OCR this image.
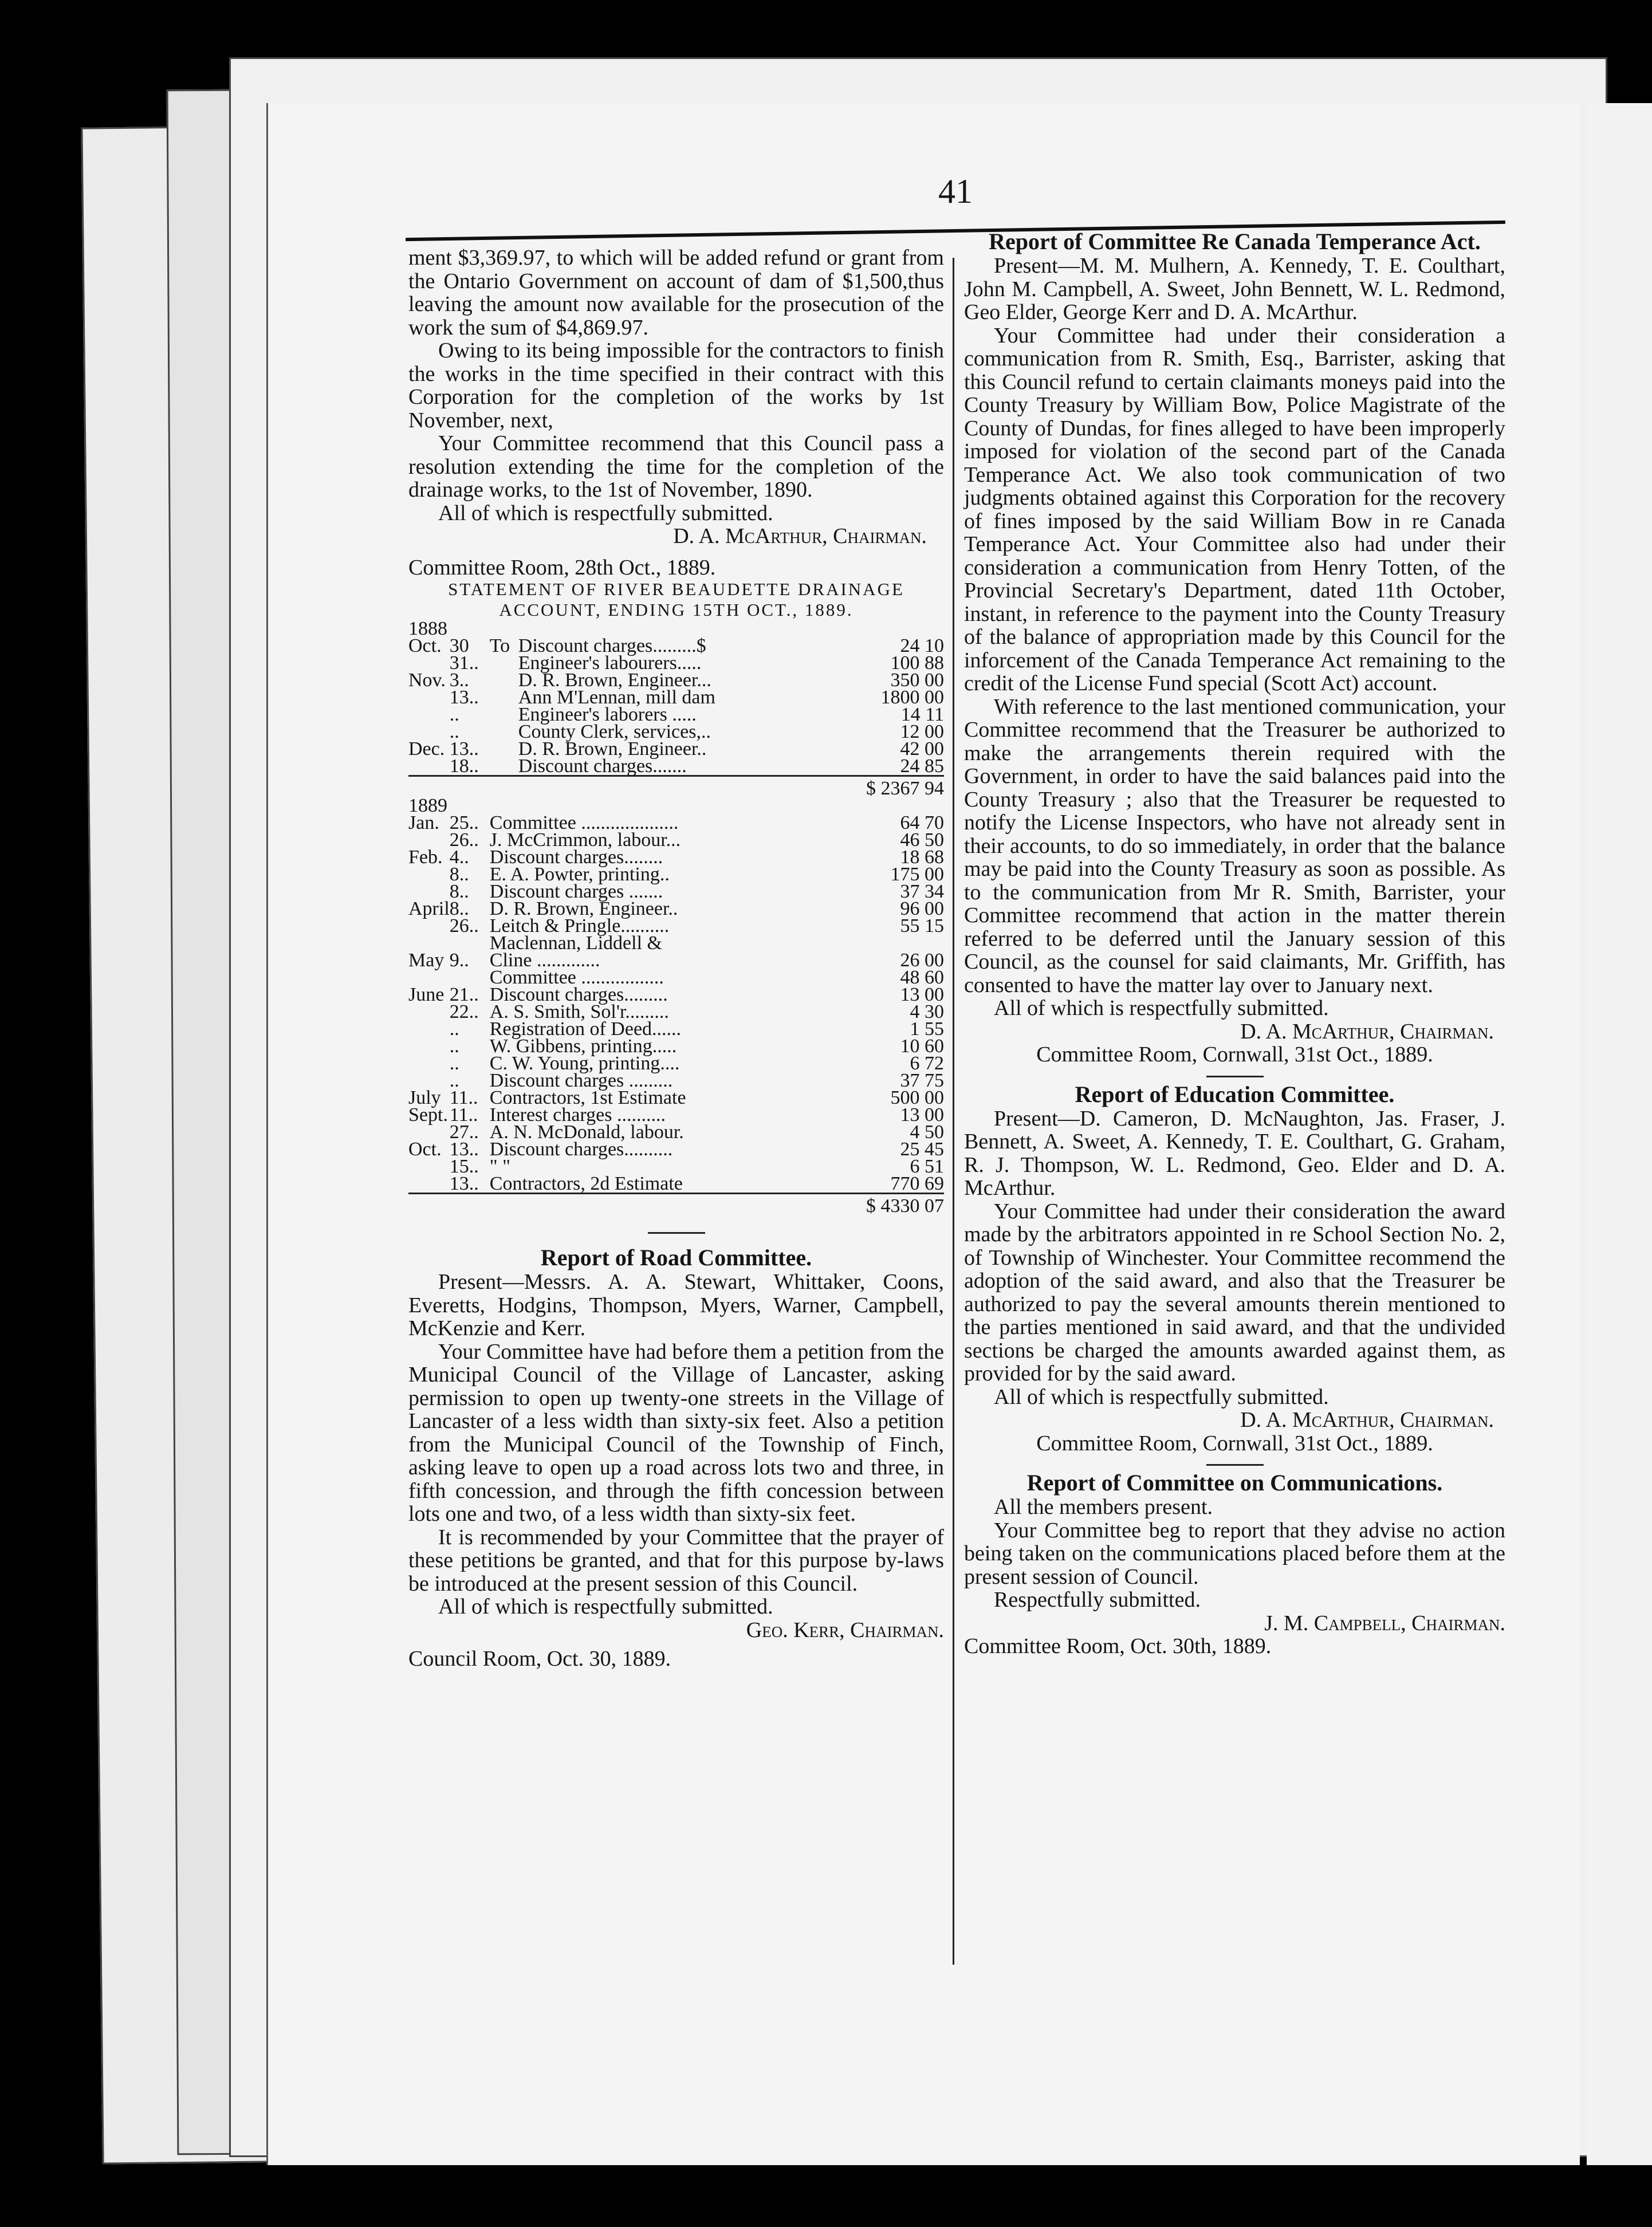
41

ment $3,369.97, to which will be added refund or grant from the Ontario Government on account of dam of $1,500,thus leaving the amount now available for the prosecution of the work the sum of $4,869.97.

Owing to its being impossible for the contractors to finish the works in the time specified in their contract with this Corporation for the completion of the works by 1st November, next,

Your Committee recommend that this Council pass a resolution extending the time for the completion of the drainage works, to the 1st of November, 1890.

All of which is respectfully submitted.

D. A. McArthur, Chairman.

Committee Room, 28th Oct., 1889.

STATEMENT OF RIVER BEAUDETTE DRAINAGE ACCOUNT, ENDING 15TH OCT., 1889.

1888				
Oct.	30	To	Discount charges.........$	24 10
	31..		Engineer's labourers.....	100 88
Nov.	3..		D. R. Brown, Engineer...	350 00
	13..		Ann M'Lennan, mill dam	1800 00
	..		Engineer's laborers .....	14 11
	..		County Clerk, services,..	12 00
Dec.	13..		D. R. Brown, Engineer..	42 00
	18..		Discount charges.......	24 85
$ 2367 94				
1889				
Jan.	25..	Committee ....................		64 70
	26..	J. McCrimmon, labour...		46 50
Feb.	4..	Discount charges........		18 68
	8..	E. A. Powter, printing..		175 00
	8..	Discount charges .......		37 34
April	8..	D. R. Brown, Engineer..		96 00
	26..	Leitch & Pringle..........		55 15
		Maclennan, Liddell &		
May	9..	Cline .............		26 00
		Committee .................		48 60
June	21..	Discount charges.........		13 00
	22..	A. S. Smith, Sol'r.........		4 30
	..	Registration of Deed......		1 55
	..	W. Gibbens, printing.....		10 60
	..	C. W. Young, printing....		6 72
	..	Discount charges .........		37 75
July	11..	Contractors, 1st Estimate		500 00
Sept.	11..	Interest charges ..........		13 00
	27..	A. N. McDonald, labour.		4 50
Oct.	13..	Discount charges..........		25 45
	15..	" "		6 51
	13..	Contractors, 2d Estimate		770 69
$ 4330 07				

Report of Road Committee.

Present—Messrs. A. A. Stewart, Whittaker, Coons, Everetts, Hodgins, Thompson, Myers, Warner, Campbell, McKenzie and Kerr.

Your Committee have had before them a petition from the Municipal Council of the Village of Lancaster, asking permission to open up twenty-one streets in the Village of Lancaster of a less width than sixty-six feet. Also a petition from the Municipal Council of the Township of Finch, asking leave to open up a road across lots two and three, in fifth concession, and through the fifth concession between lots one and two, of a less width than sixty-six feet.

It is recommended by your Committee that the prayer of these petitions be granted, and that for this purpose by-laws be introduced at the present session of this Council.

All of which is respectfully submitted.

Geo. Kerr, Chairman.

Council Room, Oct. 30, 1889.

Report of Committee Re Canada Temperance Act.

Present—M. M. Mulhern, A. Kennedy, T. E. Coulthart, John M. Campbell, A. Sweet, John Bennett, W. L. Redmond, Geo Elder, George Kerr and D. A. McArthur.

Your Committee had under their consideration a communication from R. Smith, Esq., Barrister, asking that this Council refund to certain claimants moneys paid into the County Treasury by William Bow, Police Magistrate of the County of Dundas, for fines alleged to have been improperly imposed for violation of the second part of the Canada Temperance Act. We also took communication of two judgments obtained against this Corporation for the recovery of fines imposed by the said William Bow in re Canada Temperance Act. Your Committee also had under their consideration a communication from Henry Totten, of the Provincial Secretary's Department, dated 11th October, instant, in reference to the payment into the County Treasury of the balance of appropriation made by this Council for the inforcement of the Canada Temperance Act remaining to the credit of the License Fund special (Scott Act) account.

With reference to the last mentioned communication, your Committee recommend that the Treasurer be authorized to make the arrangements therein required with the Government, in order to have the said balances paid into the County Treasury ; also that the Treasurer be requested to notify the License Inspectors, who have not already sent in their accounts, to do so immediately, in order that the balance may be paid into the County Treasury as soon as possible. As to the communication from Mr R. Smith, Barrister, your Committee recommend that action in the matter therein referred to be deferred until the January session of this Council, as the counsel for said claimants, Mr. Griffith, has consented to have the matter lay over to January next.

All of which is respectfully submitted.

D. A. McArthur, Chairman.

Committee Room, Cornwall, 31st Oct., 1889.

Report of Education Committee.

Present—D. Cameron, D. McNaughton, Jas. Fraser, J. Bennett, A. Sweet, A. Kennedy, T. E. Coulthart, G. Graham, R. J. Thompson, W. L. Redmond, Geo. Elder and D. A. McArthur.

Your Committee had under their consideration the award made by the arbitrators appointed in re School Section No. 2, of Township of Winchester. Your Committee recommend the adoption of the said award, and also that the Treasurer be authorized to pay the several amounts therein mentioned to the parties mentioned in said award, and that the undivided sections be charged the amounts awarded against them, as provided for by the said award.

All of which is respectfully submitted.

D. A. McArthur, Chairman.

Committee Room, Cornwall, 31st Oct., 1889.

Report of Committee on Communications.

All the members present.

Your Committee beg to report that they advise no action being taken on the communications placed before them at the present session of Council.

Respectfully submitted.

J. M. Campbell, Chairman.

Committee Room, Oct. 30th, 1889.
